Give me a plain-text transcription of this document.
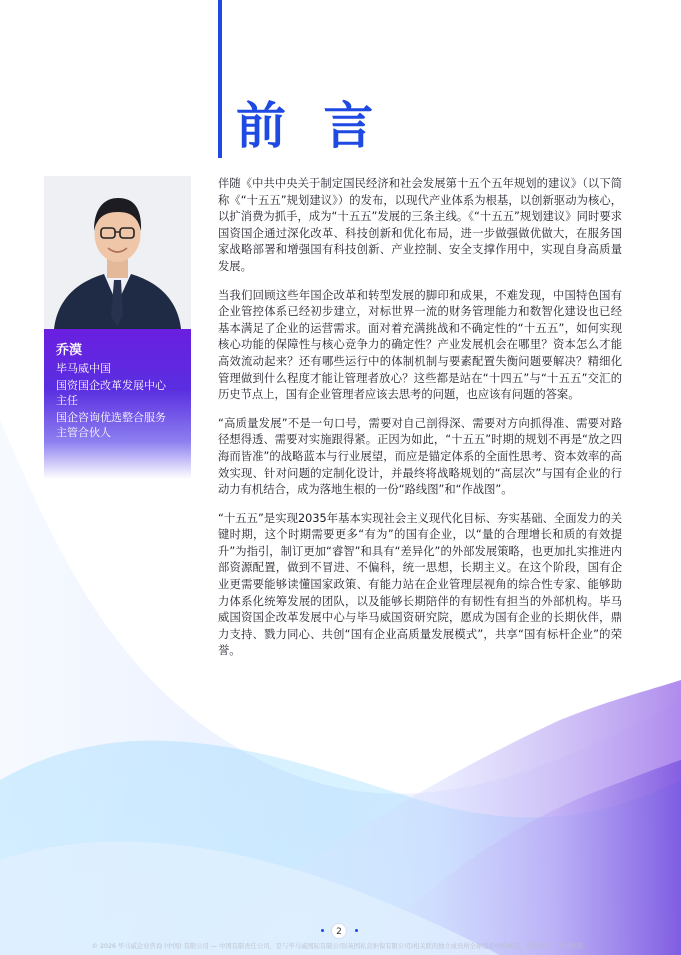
前 言
乔漠
毕马威中国
国资国企改革发展中心
主任
国企咨询优选整合服务
主管合伙人

伴随《中共中央关于制定国民经济和社会发展第十五个五年规划的建议》（以下简称《“十五五”规划建议》）的发布，以现代产业体系为根基，以创新驱动为核心，以扩消费为抓手，成为“十五五”发展的三条主线。《“十五五”规划建议》同时要求国资国企通过深化改革、科技创新和优化布局，进一步做强做优做大，在服务国家战略部署和增强国有科技创新、产业控制、安全支撑作用中，实现自身高质量发展。

当我们回顾这些年国企改革和转型发展的脚印和成果，不难发现，中国特色国有企业管控体系已经初步建立，对标世界一流的财务管理能力和数智化建设也已经基本满足了企业的运营需求。面对着充满挑战和不确定性的“十五五”，如何实现核心功能的保障性与核心竞争力的确定性？产业发展机会在哪里？资本怎么才能高效流动起来？还有哪些运行中的体制机制与要素配置失衡问题要解决？精细化管理做到什么程度才能让管理者放心？这些都是站在“十四五”与“十五五”交汇的历史节点上，国有企业管理者应该去思考的问题，也应该有问题的答案。

“高质量发展”不是一句口号，需要对自己剖得深、需要对方向抓得准、需要对路径想得透、需要对实施跟得紧。正因为如此，“十五五”时期的规划不再是“放之四海而皆准”的战略蓝本与行业展望，而应是锚定体系的全面性思考、资本效率的高效实现、针对问题的定制化设计，并最终将战略规划的“高层次”与国有企业的行动力有机结合，成为落地生根的一份“路线图”和“作战图”。

“十五五”是实现2035年基本实现社会主义现代化目标、夯实基础、全面发力的关键时期，这个时期需要更多“有为”的国有企业，以“量的合理增长和质的有效提升”为指引，制订更加“睿智”和具有“差异化”的外部发展策略，也更加扎实推进内部资源配置，做到不冒进、不偏科，统一思想，长期主义。在这个阶段，国有企业更需要能够读懂国家政策、有能力站在企业管理层视角的综合性专家、能够助力体系化统筹发展的团队，以及能够长期陪伴的有韧性有担当的外部机构。毕马威国资国企改革发展中心与毕马威国资研究院，愿成为国有企业的长期伙伴，鼎力支持、戮力同心、共创“国有企业高质量发展模式”，共享“国有标杆企业”的荣誉。

2
© 2026 毕马威企业咨询 (中国) 有限公司 — 中国有限责任公司，是与毕马威国际有限公司(英国私营担保有限公司)相关联的独立成员所全球组织中的成员。版权所有，不得转载。
